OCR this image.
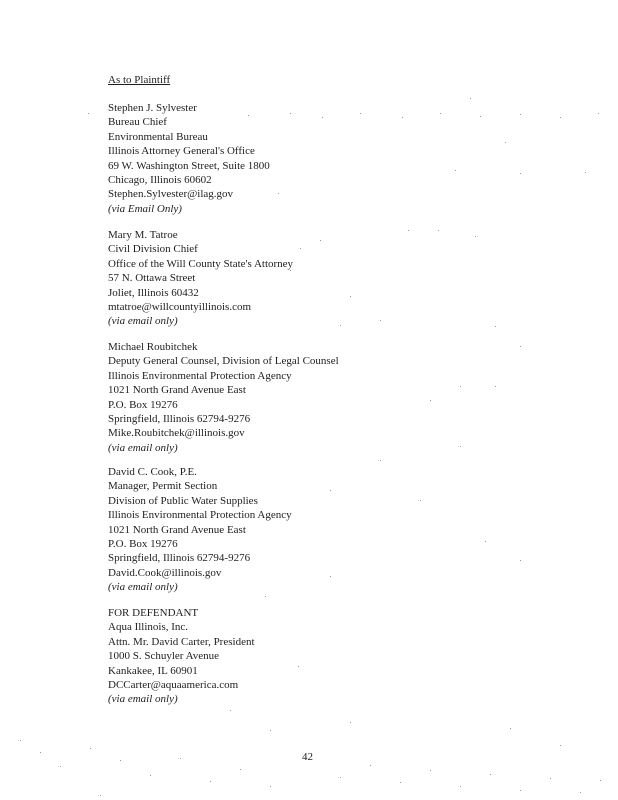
As to Plaintiff
Stephen J. Sylvester
Bureau Chief
Environmental Bureau
Illinois Attorney General's Office
69 W. Washington Street, Suite 1800
Chicago, Illinois 60602
Stephen.Sylvester@ilag.gov
(via Email Only)
Mary M. Tatroe
Civil Division Chief
Office of the Will County State's Attorney
57 N. Ottawa Street
Joliet, Illinois 60432
mtatroe@willcountyillinois.com
(via email only)
Michael Roubitchek
Deputy General Counsel, Division of Legal Counsel
Illinois Environmental Protection Agency
1021 North Grand Avenue East
P.O. Box 19276
Springfield, Illinois 62794-9276
Mike.Roubitchek@illinois.gov
(via email only)
David C. Cook, P.E.
Manager, Permit Section
Division of Public Water Supplies
Illinois Environmental Protection Agency
1021 North Grand Avenue East
P.O. Box 19276
Springfield, Illinois 62794-9276
David.Cook@illinois.gov
(via email only)
FOR DEFENDANT
Aqua Illinois, Inc.
Attn. Mr. David Carter, President
1000 S. Schuyler Avenue
Kankakee, IL 60901
DCCarter@aquaamerica.com
(via email only)
42
